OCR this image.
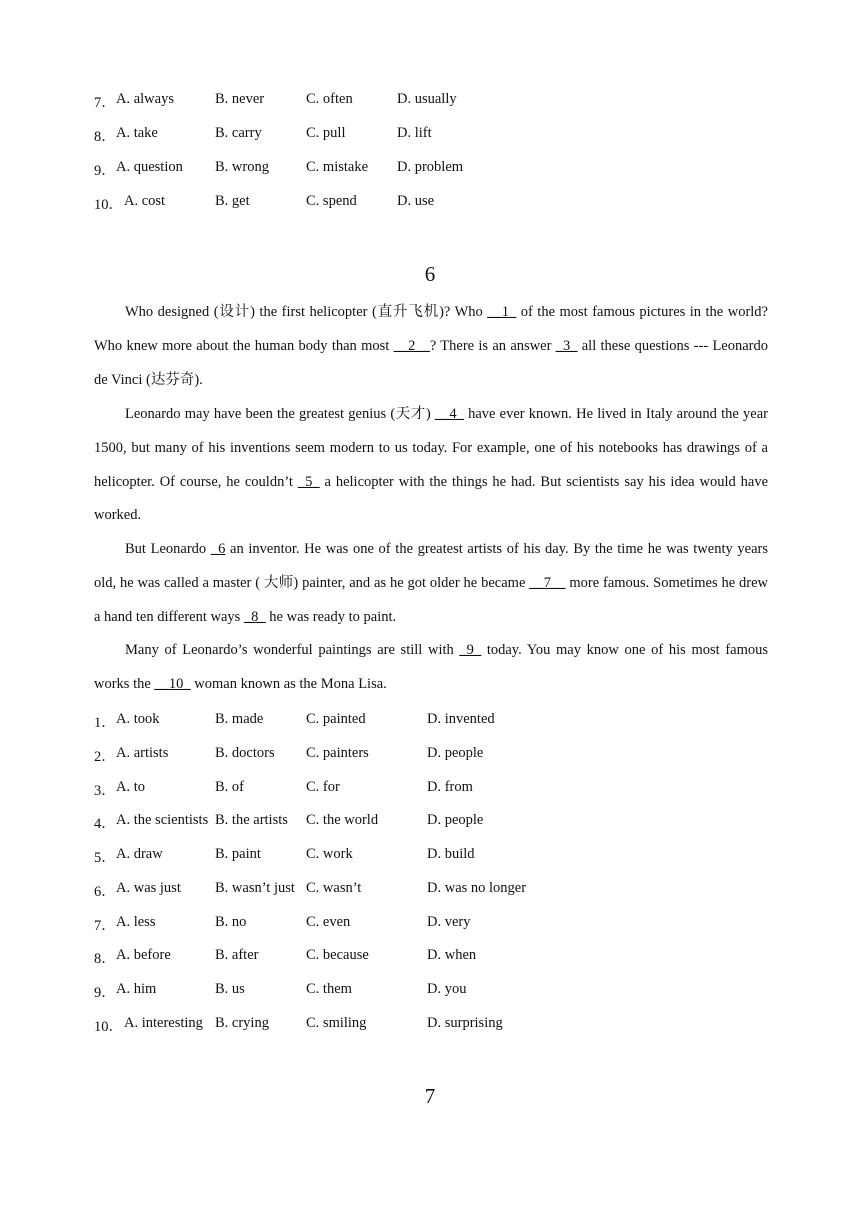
7． A. always	B. never	C. often	D. usually
8． A. take	B. carry	C. pull	D. lift
9． A. question B. wrong	C. mistake D. problem
10． A. cost	B. get	C. spend	D. use
6
Who designed (设计) the first helicopter (直升飞机)? Who __1_ of the most famous pictures in the world? Who knew more about the human body than most __2__? There is an answer _3_ all these questions --- Leonardo de Vinci (达芬奇).
Leonardo may have been the greatest genius (天才) __4_ have ever known. He lived in Italy around the year 1500, but many of his inventions seem modern to us today. For example, one of his notebooks has drawings of a helicopter. Of course, he couldn’t _5_ a helicopter with the things he had. But scientists say his idea would have worked.
But Leonardo _6 an inventor. He was one of the greatest artists of his day. By the time he was twenty years old, he was called a master ( 大师) painter, and as he got older he became __7__ more famous. Sometimes he drew a hand ten different ways _8_ he was ready to paint.
Many of Leonardo’s wonderful paintings are still with _9_ today. You may know one of his most famous works the __10_ woman known as the Mona Lisa.
1． A. took	B. made	C. painted	D. invented
2． A. artists	B. doctors C. painters	D. people
3． A. to	B. of	C. for	D. from
4． A. the scientists B. the artists C. the world	D. people
5． A. draw	B. paint	C. work	D. build
6． A. was just B. wasn’t just C. wasn’t	D. was no longer
7． A. less	B. no	C. even	D. very
8． A. before	B. after	C. because	D. when
9． A. him	B. us	C. them	D. you
10． A. interesting B. crying	C. smiling	D. surprising
7
